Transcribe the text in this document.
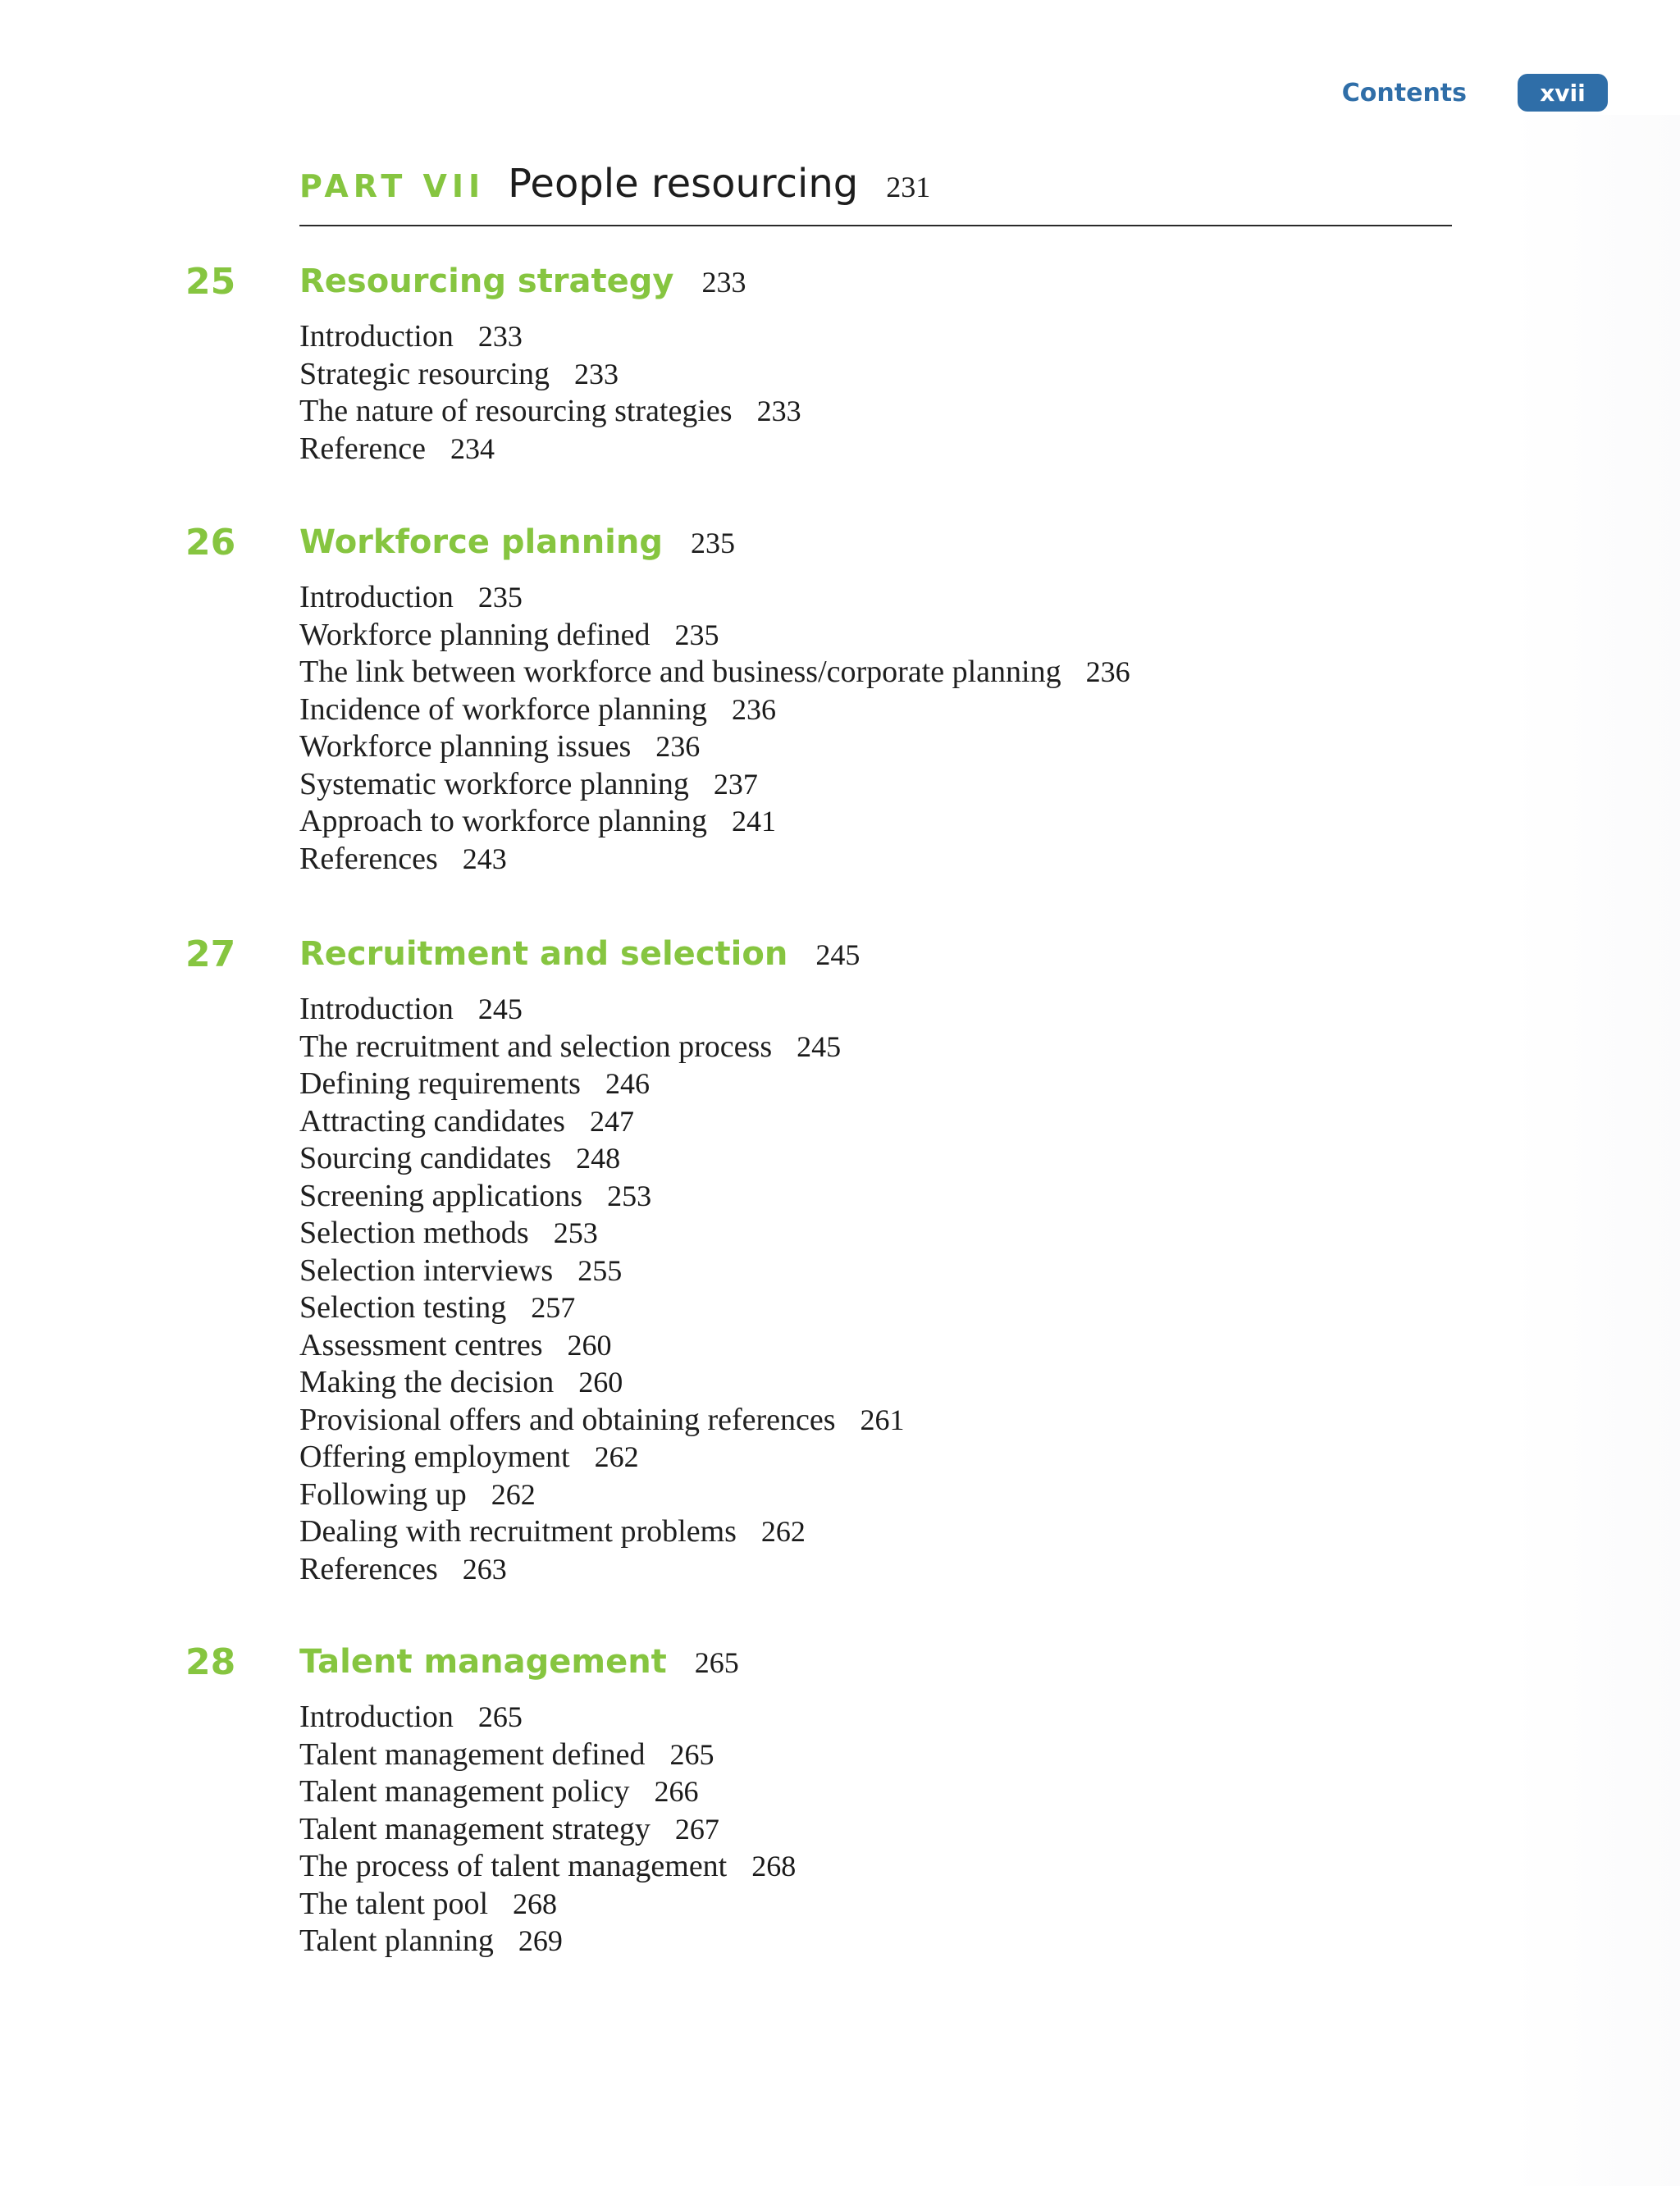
Contents	xvii
PART VII People resourcing 231
25 Resourcing strategy 233
Introduction 233
Strategic resourcing 233
The nature of resourcing strategies 233
Reference 234
26 Workforce planning 235
Introduction 235
Workforce planning defined 235
The link between workforce and business/corporate planning 236
Incidence of workforce planning 236
Workforce planning issues 236
Systematic workforce planning 237
Approach to workforce planning 241
References 243
27 Recruitment and selection 245
Introduction 245
The recruitment and selection process 245
Defining requirements 246
Attracting candidates 247
Sourcing candidates 248
Screening applications 253
Selection methods 253
Selection interviews 255
Selection testing 257
Assessment centres 260
Making the decision 260
Provisional offers and obtaining references 261
Offering employment 262
Following up 262
Dealing with recruitment problems 262
References 263
28 Talent management 265
Introduction 265
Talent management defined 265
Talent management policy 266
Talent management strategy 267
The process of talent management 268
The talent pool 268
Talent planning 269
